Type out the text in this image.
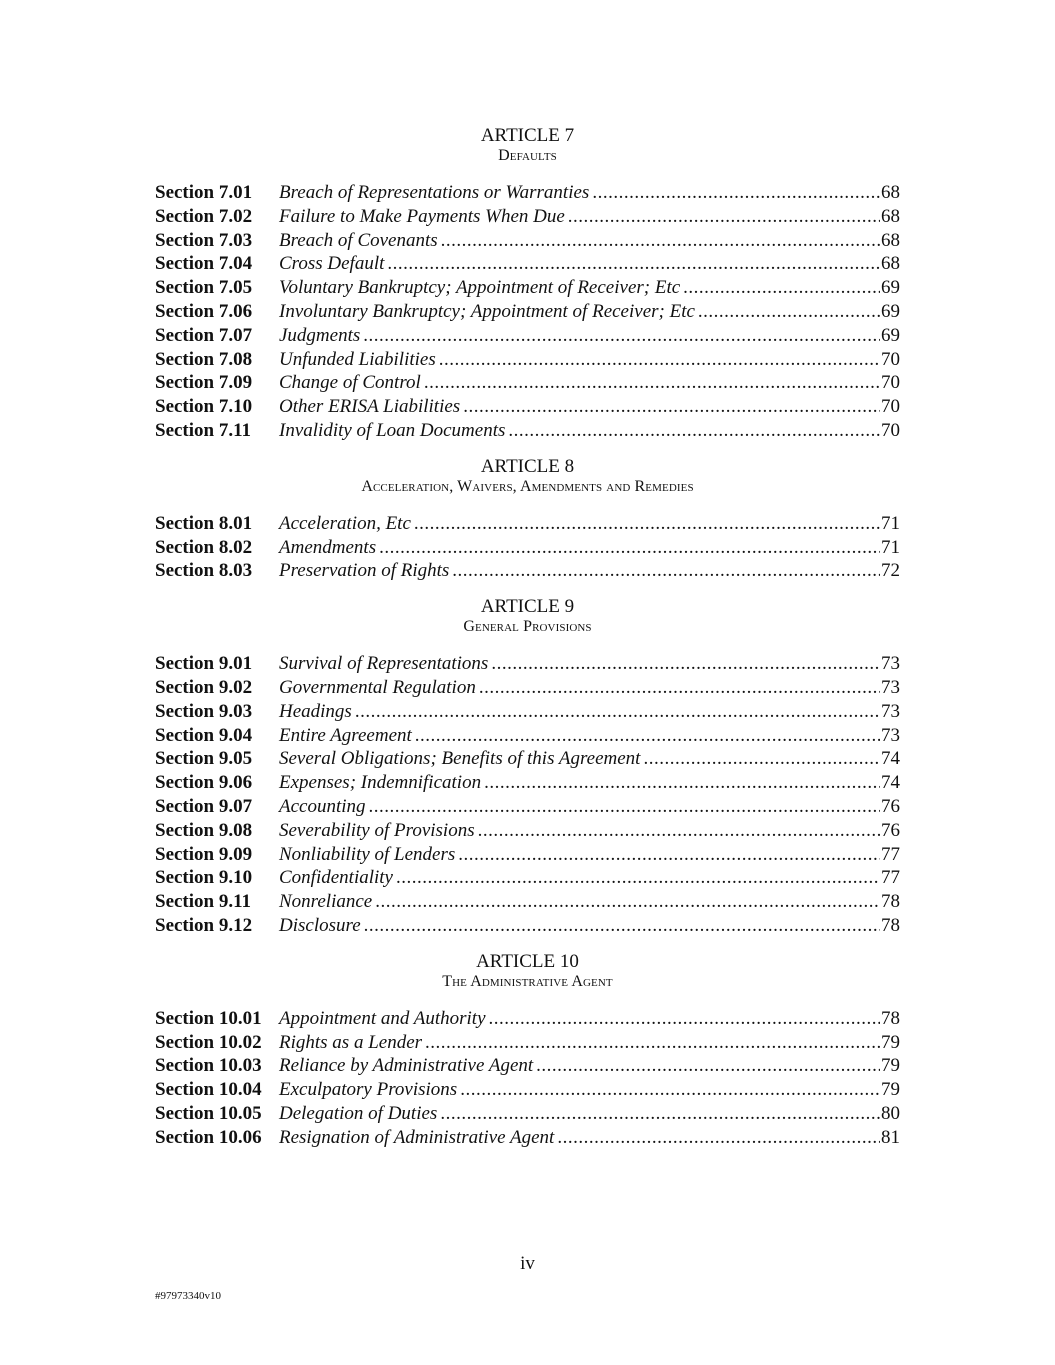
ARTICLE 7
Defaults
Section 7.01	Breach of Representations or Warranties .....	68
Section 7.02	Failure to Make Payments When Due .....	68
Section 7.03	Breach of Covenants .....	68
Section 7.04	Cross Default .....	68
Section 7.05	Voluntary Bankruptcy; Appointment of Receiver; Etc .....	69
Section 7.06	Involuntary Bankruptcy; Appointment of Receiver; Etc .....	69
Section 7.07	Judgments .....	69
Section 7.08	Unfunded Liabilities .....	70
Section 7.09	Change of Control .....	70
Section 7.10	Other ERISA Liabilities .....	70
Section 7.11	Invalidity of Loan Documents .....	70
ARTICLE 8
Acceleration, Waivers, Amendments and Remedies
Section 8.01	Acceleration, Etc .....	71
Section 8.02	Amendments .....	71
Section 8.03	Preservation of Rights .....	72
ARTICLE 9
General Provisions
Section 9.01	Survival of Representations .....	73
Section 9.02	Governmental Regulation .....	73
Section 9.03	Headings .....	73
Section 9.04	Entire Agreement .....	73
Section 9.05	Several Obligations; Benefits of this Agreement .....	74
Section 9.06	Expenses; Indemnification .....	74
Section 9.07	Accounting .....	76
Section 9.08	Severability of Provisions .....	76
Section 9.09	Nonliability of Lenders .....	77
Section 9.10	Confidentiality .....	77
Section 9.11	Nonreliance .....	78
Section 9.12	Disclosure .....	78
ARTICLE 10
The Administrative Agent
Section 10.01 Appointment and Authority .....	78
Section 10.02 Rights as a Lender .....	79
Section 10.03 Reliance by Administrative Agent .....	79
Section 10.04 Exculpatory Provisions .....	79
Section 10.05 Delegation of Duties .....	80
Section 10.06 Resignation of Administrative Agent .....	81
iv
#97973340v10
